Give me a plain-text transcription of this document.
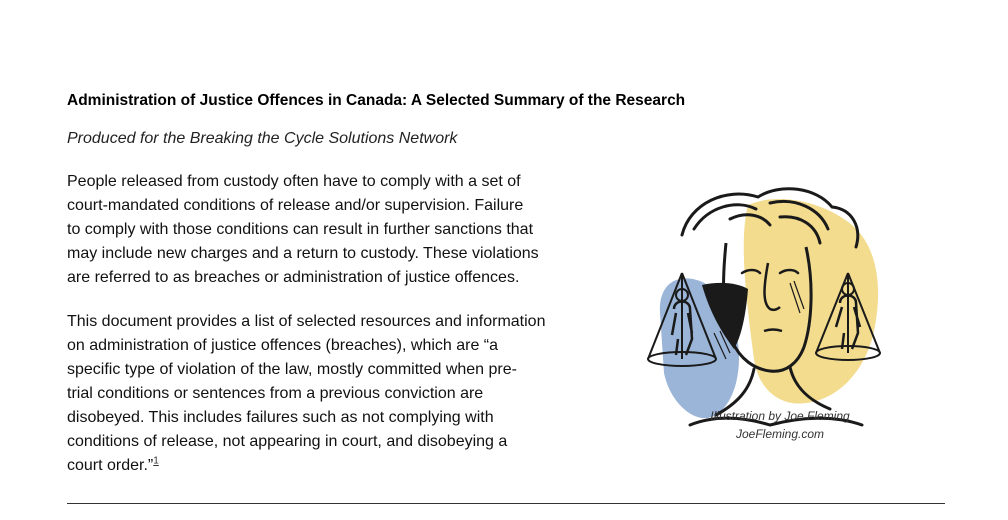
Administration of Justice Offences in Canada: A Selected Summary of the Research
Produced for the Breaking the Cycle Solutions Network

People released from custody often have to comply with a set of
court-mandated conditions of release and/or supervision. Failure
to comply with those conditions can result in further sanctions that
may include new charges and a return to custody. These violations
are referred to as breaches or administration of justice offences.

This document provides a list of selected resources and information
on administration of justice offences (breaches), which are “a
specific type of violation of the law, mostly committed when pre-
trial conditions or sentences from a previous conviction are
disobeyed. This includes failures such as not complying with
conditions of release, not appearing in court, and disobeying a
court order.”$^1$

Illustration by Joe Fleming
JoeFleming.com
